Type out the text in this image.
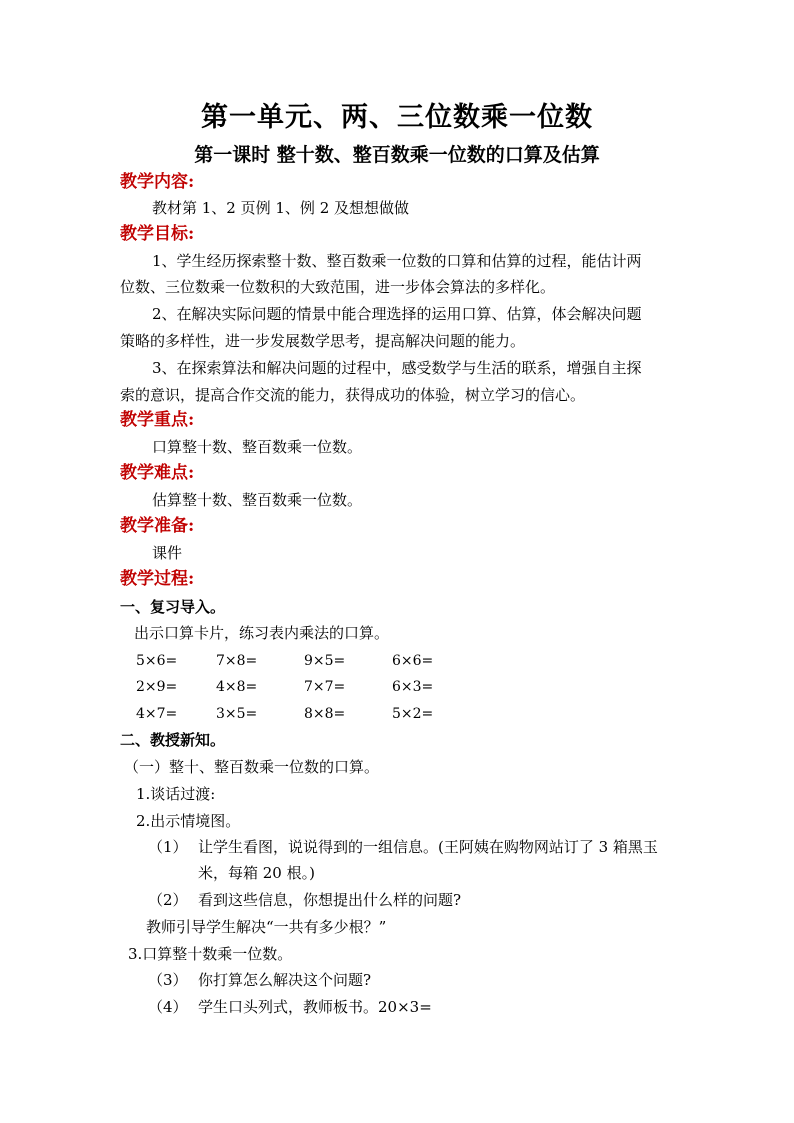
第一单元、两、三位数乘一位数
第一课时 整十数、整百数乘一位数的口算及估算
教学内容:
教材第 1、2 页例 1、例 2 及想想做做
教学目标:
1、学生经历探索整十数、整百数乘一位数的口算和估算的过程，能估计两
位数、三位数乘一位数积的大致范围，进一步体会算法的多样化。
2、在解决实际问题的情景中能合理选择的运用口算、估算，体会解决问题
策略的多样性，进一步发展数学思考，提高解决问题的能力。
3、在探索算法和解决问题的过程中，感受数学与生活的联系，增强自主探
索的意识，提高合作交流的能力，获得成功的体验，树立学习的信心。
教学重点:
口算整十数、整百数乘一位数。
教学难点:
估算整十数、整百数乘一位数。
教学准备:
课件
教学过程:
一、复习导入。
出示口算卡片，练习表内乘法的口算。
5×6=	7×8=	9×5=	6×6=
2×9=	4×8=	7×7=	6×3=
4×7=	3×5=	8×8=	5×2=
二、教授新知。
（一）整十、整百数乘一位数的口算。
1.谈话过渡:
2.出示情境图。
（1） 让学生看图，说说得到的一组信息。(王阿姨在购物网站订了 3 箱黑玉
米，每箱 20 根。)
（2） 看到这些信息，你想提出什么样的问题?
教师引导学生解决“一共有多少根？”
3.口算整十数乘一位数。
（3） 你打算怎么解决这个问题?
（4） 学生口头列式，教师板书。20×3=
